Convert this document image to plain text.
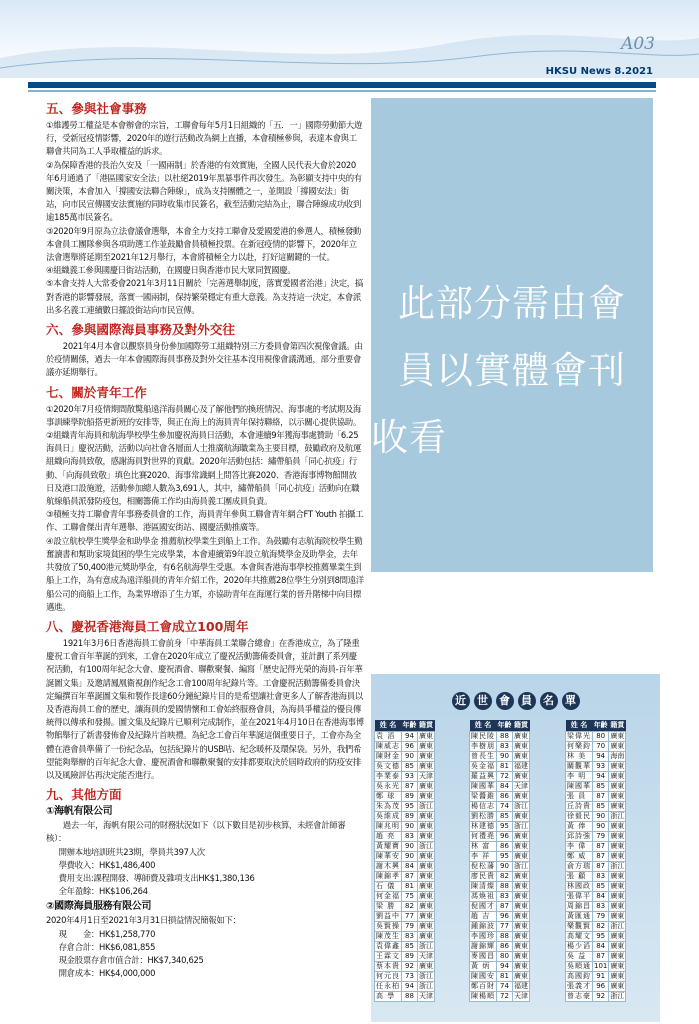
A03
HKSU News 8.2021
五、參與社會事務

①維護勞工權益是本會辦會的宗旨，工聯會每年5月1日組織的「五．一」國際勞動節大遊行，受新冠疫情影響，2020年的遊行活動改為網上直播，本會積極參與，表達本會與工聯會共同為工人爭取權益的訴求。

②為保障香港的長治久安及「一國兩制」於香港的有效實施，全國人民代表大會於2020年6月通過了「港區國家安全法」以杜絕2019年黑暴事件再次發生。為彰顯支持中央的有關決策，本會加入「撐國安法聯合陣線」，成為支持團體之一，並開設「撐國安法」街站，向市民宣傳國安法實施的同時收集市民簽名，截至活動完結為止，聯合陣線成功收到逾185萬市民簽名。

③2020年9月原為立法會議會選舉，本會全力支持工聯會及愛國愛港的參選人，積極發動本會員工團隊參與各項助選工作並鼓勵會員積極投票。在新冠疫情的影響下，2020年立法會選舉將延期至2021年12月舉行，本會將積極全力以赴，打好這關鍵的一仗。

④組織義工參與國慶日街站活動，在國慶日與香港市民大眾同賀國慶。

⑤本會支持人大常委會2021年3月11日關於「完善選舉制度，落實愛國者治港」決定，搞對香港的影響發展，落實一國兩制，保持繁榮穩定有重大意義。為支持這一決定，本會派出多名義工連續數日擺設街站向市民宣傳。

六、參與國際海員事務及對外交往

2021年4月本會以觀察員身份參加國際勞工組織特別三方委員會第四次視像會議。由於疫情關係，過去一年本會國際海員事務及對外交往基本沒用視像會議溝通，部分重要會議亦延期舉行。

七、關於青年工作

①2020年7月疫情期間散驚船遠洋海員關心及了解他們的換班情況、海事處的考試期及海事訓練學院船搭更新班的安排等，與正在海上的海員青年保持聯絡，以示關心提供協助。

②組織青年海員和航海學校學生參加慶祝海員日活動，本會連續9年獲海事處贊助「6.25 海員日」慶祝活動，活動以向社會各層面人士推廣航海職業為主要目標，鼓勵政府及航運組織向海員致敬，感謝海員對世界的貢獻。2020年活動包括：繡帶船員「同心抗疫」行動、「向海員致敬」填色比賽2020、海事常識網上問答比賽2020、香港海事博物館開放日及港口設施遊，活動參加總人數為3,691人，其中，繡帶船員「同心抗疫」活動向在職航線船員派發防疫包，相關籌備工作均由海員義工團成員負責。

③積極支持工聯會青年事務委員會的工作，海員青年參與工聯會青年網合FT Youth 拍攝工作、工聯會傑出青年選舉、港區國安街站、國慶活動推廣等。

④設立航校學生獎學金和助學金 推薦航校學業生到船上工作。為鼓勵有志航海院校學生勤奮讀書和幫助家境貧困的學生完成學業，本會連續第9年設立航海獎學金及助學金，去年共發放了50,400港元獎助學金，有6名航海學生受惠。本會與香港海事學校推薦畢業生到船上工作，為有意成為遠洋船員的青年介紹工作，2020年共推薦28位學生分別到8間遠洋船公司的商船上工作，為業界增添了生力軍，亦協助青年在海運行業的晉升階梯中向目標邁進。

八、慶祝香港海員工會成立100周年

1921年3月6日香港海員工會前身「中華海員工業聯合總會」在香港成立，為了隆重慶祝工會百年華誕的到來，工會在2020年成立了慶祝活動籌備委員會，並計劃了系列慶祝活動，有100周年紀念大會、慶祝酒會、聯歡聚餐、編寫「歷史記得光榮的海員-百年華誕圖文集」及邀請鳳凰衛視創作紀念工會100周年紀錄片等。工會慶祝活動籌備委員會決定編撰百年華誕圖文集和製作長達60分鐘紀錄片目的是希望讓社會更多人了解香港海員以及香港海員工會的歷史，讓海員的愛國情懷和工會始終服務會員，為海員爭權益的優良傳統得以傳承和發揚。圖文集及紀錄片已順利完成制作，並在2021年4月10日在香港海事博物館舉行了新書發佈會及紀錄片首映禮。為紀念工會百年華誕這個重要日子，工會亦為全體在港會員準備了一份紀念品，包括紀錄片的USB咭、紀念暖杯及環保袋。另外，我們希望能夠舉辦的百年紀念大會、慶祝酒會和聯歡聚餐的安排都要取決於屆時政府的防疫安排以及風險評估再決定能否進行。

九、其他方面
①海帆有限公司

過去一年，海帆有限公司的財務狀況如下（以下數目是初步核算，未經會計師審核）：

開辦本地培訓班共23期，學員共397人次

學費收入：HK$1,486,400

費用支出:課程開發、導師費及雜項支出HK$1,380,136

全年盈餘：HK$106,264

②國際海員服務有限公司

2020年4月1日至2021年3月31日損益情況簡報如下：

現　　金：HK$1,258,770

存倉合計：HK$6,081,855

現金股票存倉市值合計：HK$7,340,625

開倉成本：HK$4,000,000

此部分需由會
員以實體會刊
收看
近 世 會 員 名 單
姓 名	年齡	籍貫
袁 滔	94	廣東
陳威志	96	廣東
陳財金	90	廣東
吳文德	85	廣東
李業泰	93	天津
吳永光	87	廣東
鄭 球	89	廣東
朱為茂	95	浙江
吳維成	89	廣東
陳兆明	90	廣東
趙 亮	83	廣東
黃耀寶	90	浙江
陳華安	90	廣東
謝木興	84	廣東
陳錦孝	87	廣東
石 儀	81	廣東
何金福	75	廣東
梁 勝	82	廣東
劉益中	77	廣東
吳賢操	79	廣東
陳茂生	83	廣東
袁偉鑫	85	浙江
王霖文	89	天津
蔡本貴	92	廣東
何元良	73	浙江
任永柏	94	浙江
高 學	88	天津
姓 名	年齡	籍貫
陳民陵	88	廣東
李樹朋	83	廣東
曾長生	90	廣東
吳金福	81	福建
羅益興	72	廣東
陳國華	84	天津
梁醬錐	86	廣東
楊信志	74	浙江
劉松勝	85	廣東
林建德	95	浙江
何禮堯	96	廣東
林 富	86	廣東
李 祥	95	廣東
倪松藩	90	浙江
廖民貴	82	廣東
陳清燦	88	廣東
馮煥祖	83	廣東
倪國才	87	廣東
趙 吉	96	廣東
鍾錦波	77	廣東
李國珍	88	廣東
謝錦輝	86	廣東
麥國昌	80	廣東
黃 炳	94	廣東
陳國安	81	廣東
鄭百財	74	福建
陳楊順	72	天津
姓 名	年齡	籍貫
梁偉光	80	廣東
何樂鈞	70	廣東
林 美	94	海南
關觀華	93	廣東
李 明	94	廣東
陳國華	85	廣東
張 員	87	廣東
丘詩貴	85	廣東
徐毅民	90	浙江
黃 俸	90	廣東
邱詩強	79	廣東
李 偉	87	廣東
鄭 威	87	廣東
俞方瑞	87	浙江
張 顧	83	廣東
林國政	85	廣東
張偉平	84	廣東
周錦昌	83	廣東
黃匯通	79	廣東
樂觀賢	82	浙江
高耀文	95	廣東
楊少滔	84	廣東
吳 益	87	廣東
吳順通	101	廣東
高國鈞	91	廣東
張義才	96	廣東
曾志豪	92	浙江
